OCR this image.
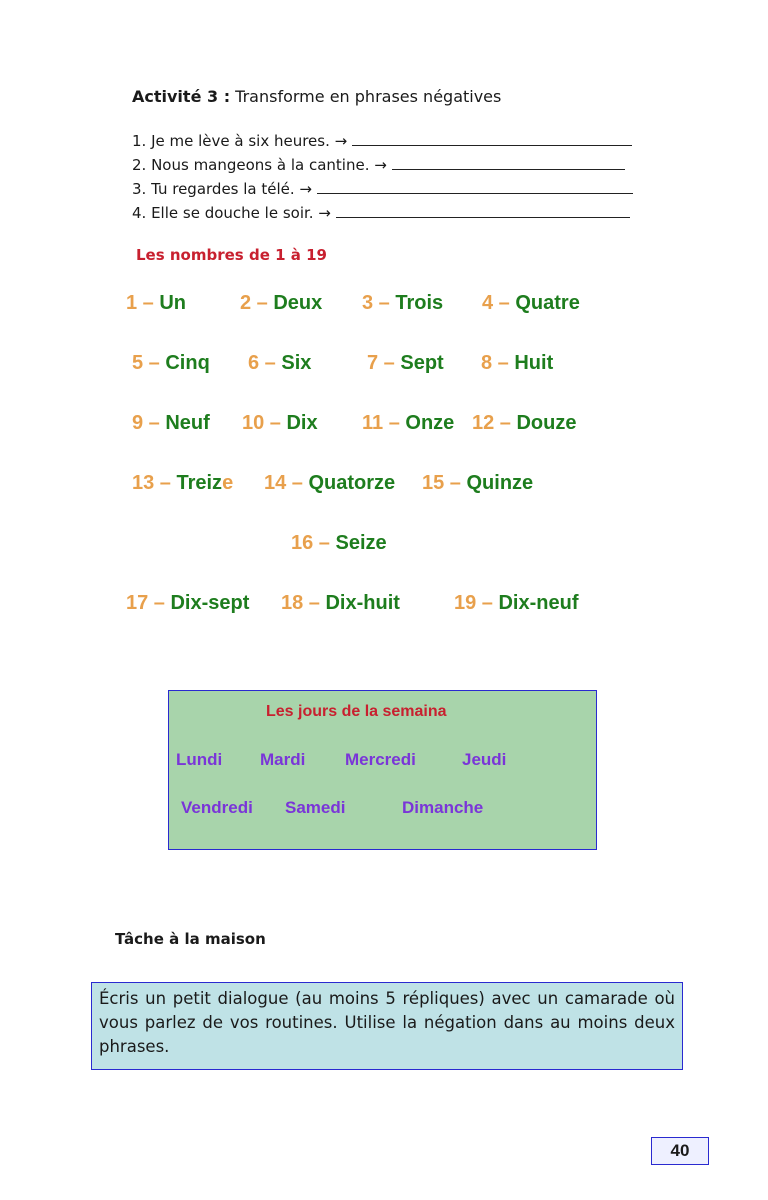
Activité 3 : Transforme en phrases négatives
1. Je me lève à six heures. →
2. Nous mangeons à la cantine. →
3. Tu regardes la télé. →
4. Elle se douche le soir. →
Les nombres de 1 à 19
1 – Un	2 – Deux 3 – Trois 4 – Quatre
5 – Cinq 6 – Six	7 – Sept 8 – Huit
9 – Neuf 10 – Dix 11 – Onze 12 – Douze
13 – Treize 14 – Quatorze 15 – Quinze
16 – Seize
17 – Dix-sept 18 – Dix-huit	19 – Dix-neuf
Les jours de la semaina
Lundi Mardi Mercredi	Jeudi
Vendredi Samedi	Dimanche
Tâche à la maison
Écris un petit dialogue (au moins 5 répliques) avec un camarade où vous parlez de vos routines. Utilise la négation dans au moins deux phrases.
40
